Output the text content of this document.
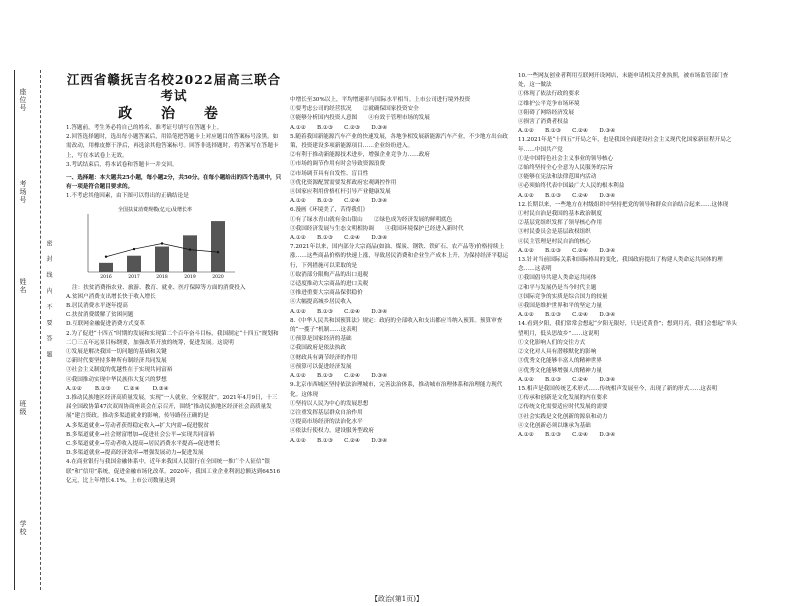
座位号
考场号
姓名
班级
学校
密 封 线 内 不 要 答 题

江西省赣抚吉名校2022届高三联合考试

政 治 卷

1.答题前，考生务必将自己的姓名、准考证号填写在答题卡上。

2.回答选择题时，选出每小题答案后，用铅笔把答题卡上对应题目的答案标号涂黑。如需改动，用橡皮擦干净后，再选涂其他答案标号。回答非选择题时，将答案写在答题卡上，写在本试卷上无效。

3.考试结束后，将本试卷和答题卡一并交回。

一、选择题：本大题共25小题，每小题2分，共50分。在每小题给出的四个选项中，只有一项是符合题目要求的。

1.不考虑其他因素，由下图可以得出的正确结论是

全国扶贫消费规模(亿元)及增长率
2016	2017	2018	2019	2020

注：扶贫消费指农业、旅游、教育、就业、医疗保障等方面的消费投入

A.贫困户消费支出增长快于收入增长

B.居民消费水平逐年提高

C.扶贫消费缓解了贫困问题

D.互联网金融促进消费方式变革

2.为了促进“十四五”时期的发展和实现第二个百年奋斗目标，我国制定“十四五”规划和二〇三五年远景目标纲要，加强改革开放的统筹，促进发展。这说明

①发展是解决我国一切问题的基础和关键

②新时代要坚持多种所有制经济共同发展

③社会主义制度的优越性在于实现共同富裕

④我国推动实现中华民族伟大复兴的梦想

A.①②　　 B.①③　　 C.②④　　 D.③④

3.推动民族地区经济高质量发展，实现“一人就业，全家脱贫”。2021年4月9日，十三届全国政协第47次双周协商座谈会在京召开，围绕“推动民族地区经济社会高质量发展”建言资政。推动多渠道就业的影响，传导路径正确的是

A.多渠道就业→劳动者获得稳定收入→扩大内需→促进脱贫

B.多渠道就业→社会财富增加→促进社会公平→实现共同富裕

C.多渠道就业→劳动者收入提高→居民消费水平提高→促进增长

D.多渠道就业→提高经济效率→增强发展动力→促进发展

4.在商业银行与我国金融体系中，近年来我国人民银行在全国统一推广个人征信“银联”和“信用”系统，促进金融市场化改革。2020年，我国工业企业利润总额达到64516亿元，比上年增长4.1%，上市公司数量达到

中增长至30%以上，平均增速率与国际水平相当。上市公司进行境外投资

①要考虑公司的经营状况　　②就确保国家投资安全

③能够分析国内投资人意图　　④有效于管理市场的发展

A.①②　　B.①③　　C.②③　　D.③④

5.随着我国新能源汽车产业的快速发展，各地争相发展新能源汽车产业，不少地方出台政策，投资建设多项新能源项目……企业纷纷进入。

②有利于推动新能源技术进步，增强企业竞争力……政府

①市场的调节作用有时会导致资源浪费

②市场调节具有自发性、盲目性

③优化资源配置需要发挥政府宏观调控作用

④国家应利用价格杠杆引导产业健康发展

A.①②　　B.①③　　C.②④　　D.③④

6.漫画《环境美了，苦得我们》

①有了绿水青山就有金山银山　　②绿色成为经济发展的鲜明底色

③我国经济发展与生态文明相协调　　④我国环境保护已经进入新时代

A.①②　　B.①③　　C.②④　　D.③④

7.2021年以来，国内部分大宗商品(如油、煤炭、钢铁、铁矿石、农产品等)价格持续上涨……这些商品价格的快速上涨，导致居民消费和企业生产成本上升，为保持经济平稳运行，下列措施可以采取的是

①取消部分限购产品的出口退税

②适度推动大宗商品的进口关税

③推进重要大宗商品保供稳价

④大幅提高城乡居民收入

A.①②　　B.①③　　C.②④　　D.③④

8.《中华人民共和国预算法》规定：政府的全部收入和支出都应当纳入预算。预算审查的“一揽子”机制……这表明

①预算是国家经济的基础

②我国政府是依法执政

③财政具有调节经济的作用

④预算可以促进经济发展

A.①②　　B.①③　　C.②④　　D.③④

9.北京市西城区坚持依法治理城市，完善法治体系，推动城市治理体系和治理能力现代化。这体现

①坚持以人民为中心的发展思想

②注重发挥基层群众自治作用

③提高市场经济的法治化水平

④依法行使权力，建设服务型政府

A.①②　　B.①③　　C.②④　　D.③④

10.一些网友创业者利用互联网开设网店，未能申请相关营业执照，被市场监管部门查处，这一做法

①体现了依法行政的要求

②维护公平竞争市场环境

③阻碍了网络经济发展

④损害了消费者权益

A.①②　　B.①③　　C.②④　　D.③④

11.2021年是“十四五”开局之年，也是我国全面建设社会主义现代化国家新征程开局之年……中国共产党

①是中国特色社会主义事业的领导核心

②始终坚持全心全意为人民服务的宗旨

③能够在宪法和法律范围内活动

④必须始终代表中国最广大人民的根本利益

A.①②　　B.①③　　C.②④　　D.③④

12.长期以来，一些地方在村级组织中坚持把党的领导和群众自治结合起来……这体现

①村民自治是我国的基本政治制度

②基层党组织发挥了领导核心作用

③村民委员会是基层政权组织

④民主管理是村民自治的核心

A.①②　　B.①③　　C.②④　　D.③④

13.针对当前国际关系和国际格局的变化，我国政府提出了构建人类命运共同体的理念……这表明

①我国倡导共建人类命运共同体

②和平与发展仍是当今时代主题

③国际竞争的实质是综合国力的较量

④我国是维护世界和平的坚定力量

A.①②　　B.①③　　C.②④　　D.③④

14.看到夕阳，我们常常会想起“夕阳无限好，只是近黄昏”；想到月亮，我们会想起“举头望明月，低头思故乡”……这说明

①文化影响人们的交往方式

②文化对人具有潜移默化的影响

③优秀文化能够丰富人的精神世界

④优秀文化能够增强人的精神力量

A.①②　　B.①③　　C.②④　　D.③④

15.相声是我国传统艺术形式……传统相声发展至今，出现了新的形式……这表明

①传承和创新是文化发展的内在要求

②传统文化需要适应时代发展的需要

③社会实践是文化创新的源泉和动力

④文化创新必须以继承为基础

A.①②　　B.①③　　C.②④　　D.③④

【政治(第1页)】
